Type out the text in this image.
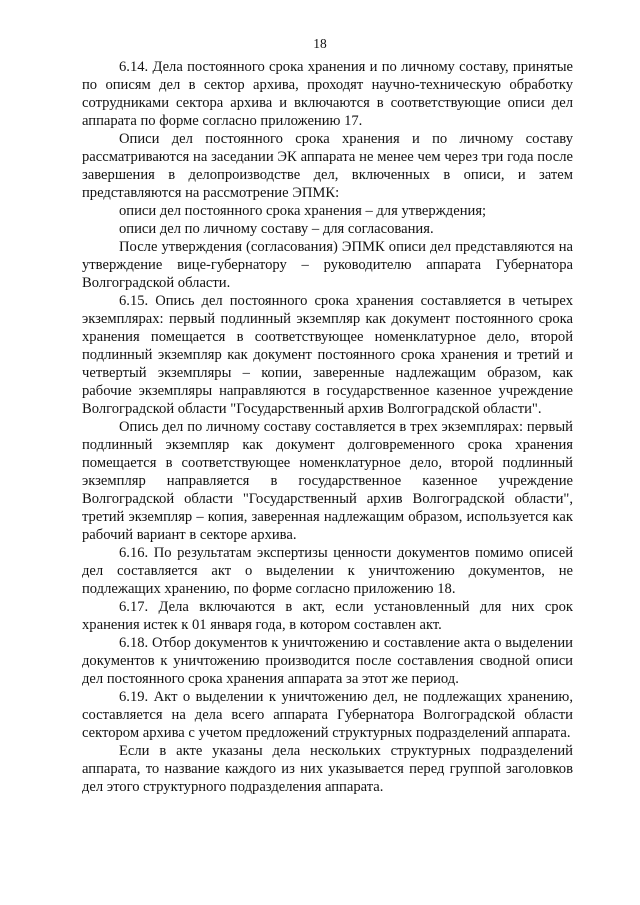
18

6.14. Дела постоянного срока хранения и по личному составу, принятые по описям дел в сектор архива, проходят научно-техническую обработку сотрудниками сектора архива и включаются в соответствующие описи дел аппарата по форме согласно приложению 17.

Описи дел постоянного срока хранения и по личному составу рассматриваются на заседании ЭК аппарата не менее чем через три года после завершения в делопроизводстве дел, включенных в описи, и затем представляются на рассмотрение ЭПМК:

описи дел постоянного срока хранения – для утверждения;

описи дел по личному составу – для согласования.

После утверждения (согласования) ЭПМК описи дел представляются на утверждение вице-губернатору – руководителю аппарата Губернатора Волгоградской области.

6.15. Опись дел постоянного срока хранения составляется в четырех экземплярах: первый подлинный экземпляр как документ постоянного срока хранения помещается в соответствующее номенклатурное дело, второй подлинный экземпляр как документ постоянного срока хранения и третий и четвертый экземпляры – копии, заверенные надлежащим образом, как рабочие экземпляры направляются в государственное казенное учреждение Волгоградской области "Государственный архив Волгоградской области".

Опись дел по личному составу составляется в трех экземплярах: первый подлинный экземпляр как документ долговременного срока хранения помещается в соответствующее номенклатурное дело, второй подлинный экземпляр направляется в государственное казенное учреждение Волгоградской области "Государственный архив Волгоградской области", третий экземпляр – копия, заверенная надлежащим образом, используется как рабочий вариант в секторе архива.

6.16. По результатам экспертизы ценности документов помимо описей дел составляется акт о выделении к уничтожению документов, не подлежащих хранению, по форме согласно приложению 18.

6.17. Дела включаются в акт, если установленный для них срок хранения истек к 01 января года, в котором составлен акт.

6.18. Отбор документов к уничтожению и составление акта о выделении документов к уничтожению производится после составления сводной описи дел постоянного срока хранения аппарата за этот же период.

6.19. Акт о выделении к уничтожению дел, не подлежащих хранению, составляется на дела всего аппарата Губернатора Волгоградской области сектором архива с учетом предложений структурных подразделений аппарата.

Если в акте указаны дела нескольких структурных подразделений аппарата, то название каждого из них указывается перед группой заголовков дел этого структурного подразделения аппарата.
